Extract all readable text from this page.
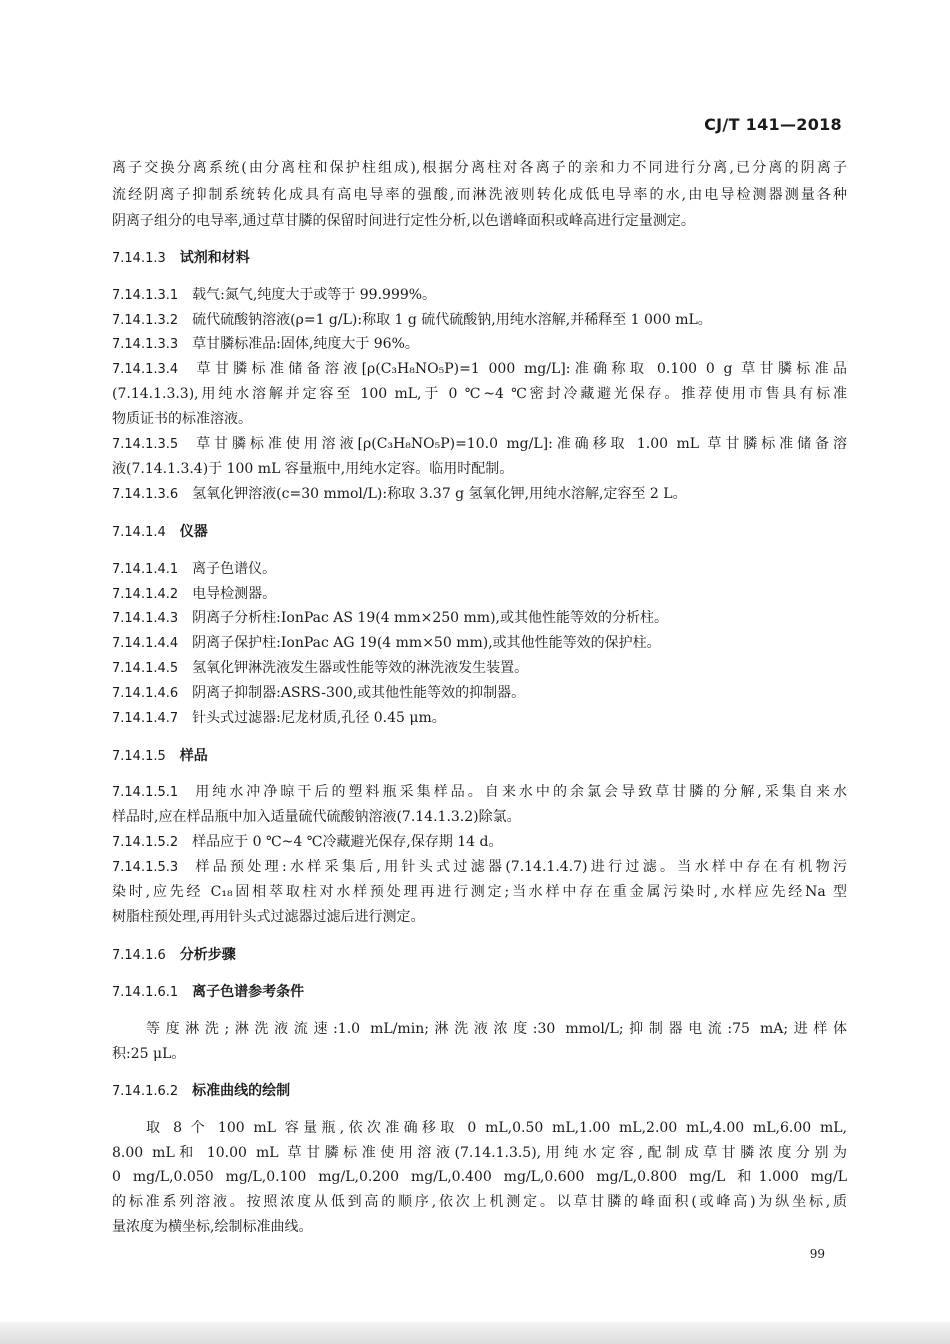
CJ/T 141—2018
离子交换分离系统(由分离柱和保护柱组成),根据分离柱对各离子的亲和力不同进行分离,已分离的阴离子
流经阴离子抑制系统转化成具有高电导率的强酸,而淋洗液则转化成低电导率的水,由电导检测器测量各种
阴离子组分的电导率,通过草甘膦的保留时间进行定性分析,以色谱峰面积或峰高进行定量测定。
7.14.1.3 试剂和材料
7.14.1.3.1 载气:氮气,纯度大于或等于 99.999%。
7.14.1.3.2 硫代硫酸钠溶液(ρ=1 g/L):称取 1 g 硫代硫酸钠,用纯水溶解,并稀释至 1 000 mL。
7.14.1.3.3 草甘膦标准品:固体,纯度大于 96%。
7.14.1.3.4 草甘膦标准储备溶液[ρ(C₃H₈NO₅P)=1 000 mg/L]:准确称取 0.100 0 g 草甘膦标准品
(7.14.1.3.3),用纯水溶解并定容至 100 mL,于 0 ℃~4 ℃密封冷藏避光保存。推荐使用市售具有标准
物质证书的标准溶液。
7.14.1.3.5 草甘膦标准使用溶液[ρ(C₃H₈NO₅P)=10.0 mg/L]:准确移取 1.00 mL 草甘膦标准储备溶
液(7.14.1.3.4)于 100 mL 容量瓶中,用纯水定容。临用时配制。
7.14.1.3.6 氢氧化钾溶液(c=30 mmol/L):称取 3.37 g 氢氧化钾,用纯水溶解,定容至 2 L。
7.14.1.4 仪器
7.14.1.4.1 离子色谱仪。
7.14.1.4.2 电导检测器。
7.14.1.4.3 阴离子分析柱:IonPac AS 19(4 mm×250 mm),或其他性能等效的分析柱。
7.14.1.4.4 阴离子保护柱:IonPac AG 19(4 mm×50 mm),或其他性能等效的保护柱。
7.14.1.4.5 氢氧化钾淋洗液发生器或性能等效的淋洗液发生装置。
7.14.1.4.6 阴离子抑制器:ASRS-300,或其他性能等效的抑制器。
7.14.1.4.7 针头式过滤器:尼龙材质,孔径 0.45 μm。
7.14.1.5 样品
7.14.1.5.1 用纯水冲净晾干后的塑料瓶采集样品。自来水中的余氯会导致草甘膦的分解,采集自来水
样品时,应在样品瓶中加入适量硫代硫酸钠溶液(7.14.1.3.2)除氯。
7.14.1.5.2 样品应于 0 ℃~4 ℃冷藏避光保存,保存期 14 d。
7.14.1.5.3 样品预处理:水样采集后,用针头式过滤器(7.14.1.4.7)进行过滤。当水样中存在有机物污
染时,应先经 C₁₈固相萃取柱对水样预处理再进行测定;当水样中存在重金属污染时,水样应先经Na 型
树脂柱预处理,再用针头式过滤器过滤后进行测定。
7.14.1.6 分析步骤
7.14.1.6.1 离子色谱参考条件
等度淋洗;淋洗液流速:1.0 mL/min;淋洗液浓度:30 mmol/L;抑制器电流:75 mA;进样体
积:25 μL。
7.14.1.6.2 标准曲线的绘制
取 8 个 100 mL 容量瓶,依次准确移取 0 mL,0.50 mL,1.00 mL,2.00 mL,4.00 mL,6.00 mL,
8.00 mL和 10.00 mL 草甘膦标准使用溶液(7.14.1.3.5),用纯水定容,配制成草甘膦浓度分别为
0 mg/L,0.050 mg/L,0.100 mg/L,0.200 mg/L,0.400 mg/L,0.600 mg/L,0.800 mg/L 和1.000 mg/L
的标准系列溶液。按照浓度从低到高的顺序,依次上机测定。以草甘膦的峰面积(或峰高)为纵坐标,质
量浓度为横坐标,绘制标准曲线。
99
